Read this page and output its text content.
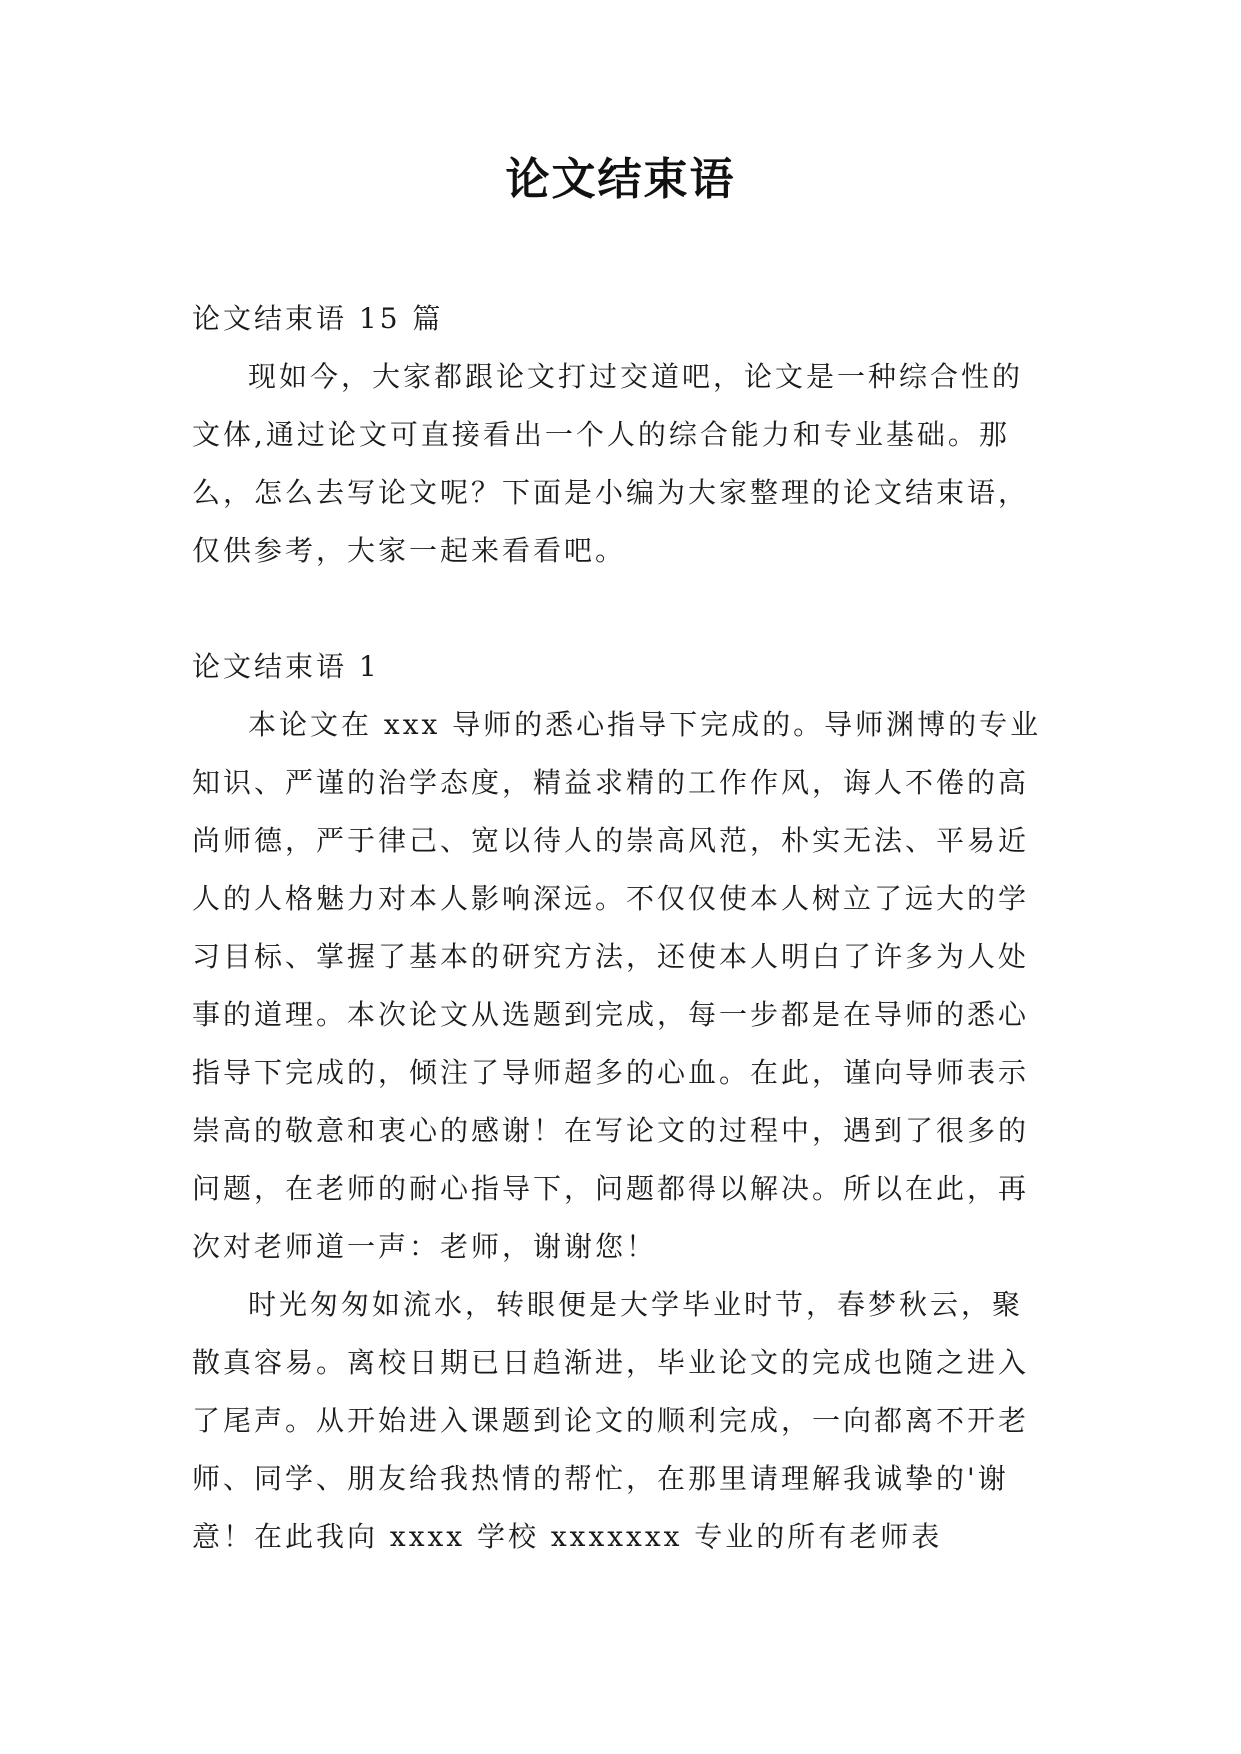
论文结束语

论文结束语 15 篇

现如今，大家都跟论文打过交道吧，论文是一种综合性的文体,通过论文可直接看出一个人的综合能力和专业基础。那么，怎么去写论文呢？下面是小编为大家整理的论文结束语，仅供参考，大家一起来看看吧。

论文结束语 1

本论文在 xxx 导师的悉心指导下完成的。导师渊博的专业知识、严谨的治学态度，精益求精的工作作风，诲人不倦的高尚师德，严于律己、宽以待人的崇高风范，朴实无法、平易近人的人格魅力对本人影响深远。不仅仅使本人树立了远大的学习目标、掌握了基本的研究方法，还使本人明白了许多为人处事的道理。本次论文从选题到完成，每一步都是在导师的悉心指导下完成的，倾注了导师超多的心血。在此，谨向导师表示崇高的敬意和衷心的感谢！在写论文的过程中，遇到了很多的问题，在老师的耐心指导下，问题都得以解决。所以在此，再次对老师道一声：老师，谢谢您！

时光匆匆如流水，转眼便是大学毕业时节，春梦秋云，聚散真容易。离校日期已日趋渐进，毕业论文的完成也随之进入了尾声。从开始进入课题到论文的顺利完成，一向都离不开老师、同学、朋友给我热情的帮忙，在那里请理解我诚挚的'谢意！在此我向 xxxx 学校 xxxxxxx 专业的所有老师表
